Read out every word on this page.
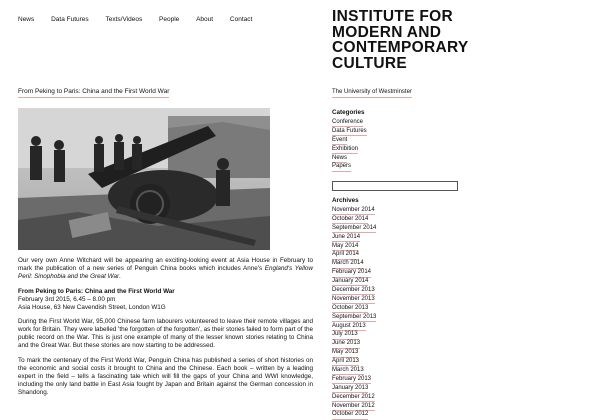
News	Data Futures	Texts/Videos	People	About	Contact	INSTITUTE FOR
MODERN AND
CONTEMPORARY
CULTURE
From Peking to Paris: China and the First World War

Our very own Anne Witchard will be appearing an exciting-looking event at Asia House in February to mark the publication of a new series of Penguin China books which includes Anne's England's Yellow Peril: Sinophobia and the Great War.

From Peking to Paris: China and the First World War
February 3rd 2015, 6.45 – 8.00 pm
Asia House, 63 New Cavendish Street, London W1G

During the First World War, 95,000 Chinese farm labourers volunteered to leave their remote villages and work for Britain. They were labelled 'the forgotten of the forgotten', as their stories failed to form part of the public record on the War. This is just one example of many of the lesser known stories relating to China and the Great War. But these stories are now starting to be addressed.

To mark the centenary of the First World War, Penguin China has published a series of short histories on the economic and social costs it brought to China and the Chinese. Each book – written by a leading expert in the field – tells a fascinating tale which will fill the gaps of your China and WWI knowledge, including the only land battle in East Asia fought by Japan and Britain against the German concession in Shandong.

The University of Westminster
Categories
Conference
Data Futures
Event
Exhibition
News
Papers
Archives
November 2014
October 2014
September 2014
June 2014
May 2014
April 2014
March 2014
February 2014
January 2014
December 2013
November 2013
October 2013
September 2013
August 2013
July 2013
June 2013
May 2013
April 2013
March 2013
February 2013
January 2013
December 2012
November 2012
October 2012
